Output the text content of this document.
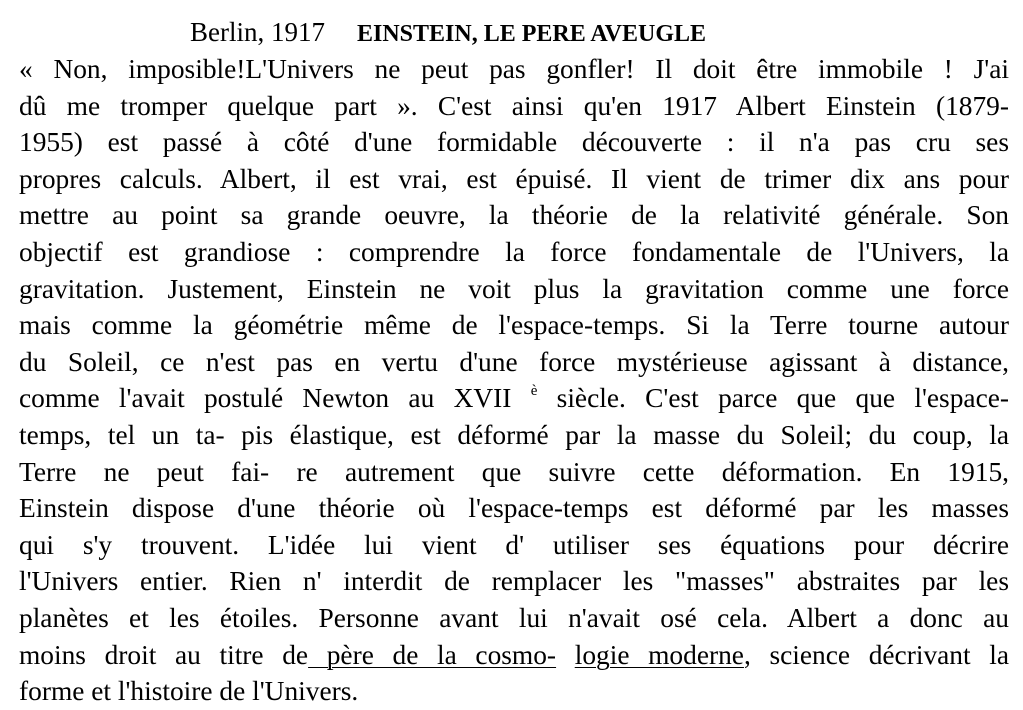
Berlin, 1917 EINSTEIN, LE PERE AVEUGLE
« Non, imposible!L'Univers ne peut pas gonfler! Il doit être immobile ! J'ai
dû me tromper quelque part ». C'est ainsi qu'en 1917 Albert Einstein (1879-
1955) est passé à côté d'une formidable découverte : il n'a pas cru ses
propres calculs. Albert, il est vrai, est épuisé. Il vient de trimer dix ans pour
mettre au point sa grande oeuvre, la théorie de la relativité générale. Son
objectif est grandiose : comprendre la force fondamentale de l'Univers, la
gravitation. Justement, Einstein ne voit plus la gravitation comme une force
mais comme la géométrie même de l'espace-temps. Si la Terre tourne autour
du Soleil, ce n'est pas en vertu d'une force mystérieuse agissant à distance,
comme l'avait postulé Newton au XVII $^è$ siècle. C'est parce que que l'espace-
temps, tel un ta- pis élastique, est déformé par la masse du Soleil; du coup, la
Terre ne peut fai- re autrement que suivre cette déformation. En 1915,
Einstein dispose d'une théorie où l'espace-temps est déformé par les masses
qui s'y trouvent. L'idée lui vient d' utiliser ses équations pour décrire
l'Univers entier. Rien n' interdit de remplacer les "masses" abstraites par les
planètes et les étoiles. Personne avant lui n'avait osé cela. Albert a donc au
moins droit au titre de père de la cosmo- logie moderne, science décrivant la
forme et l'histoire de l'Univers.
